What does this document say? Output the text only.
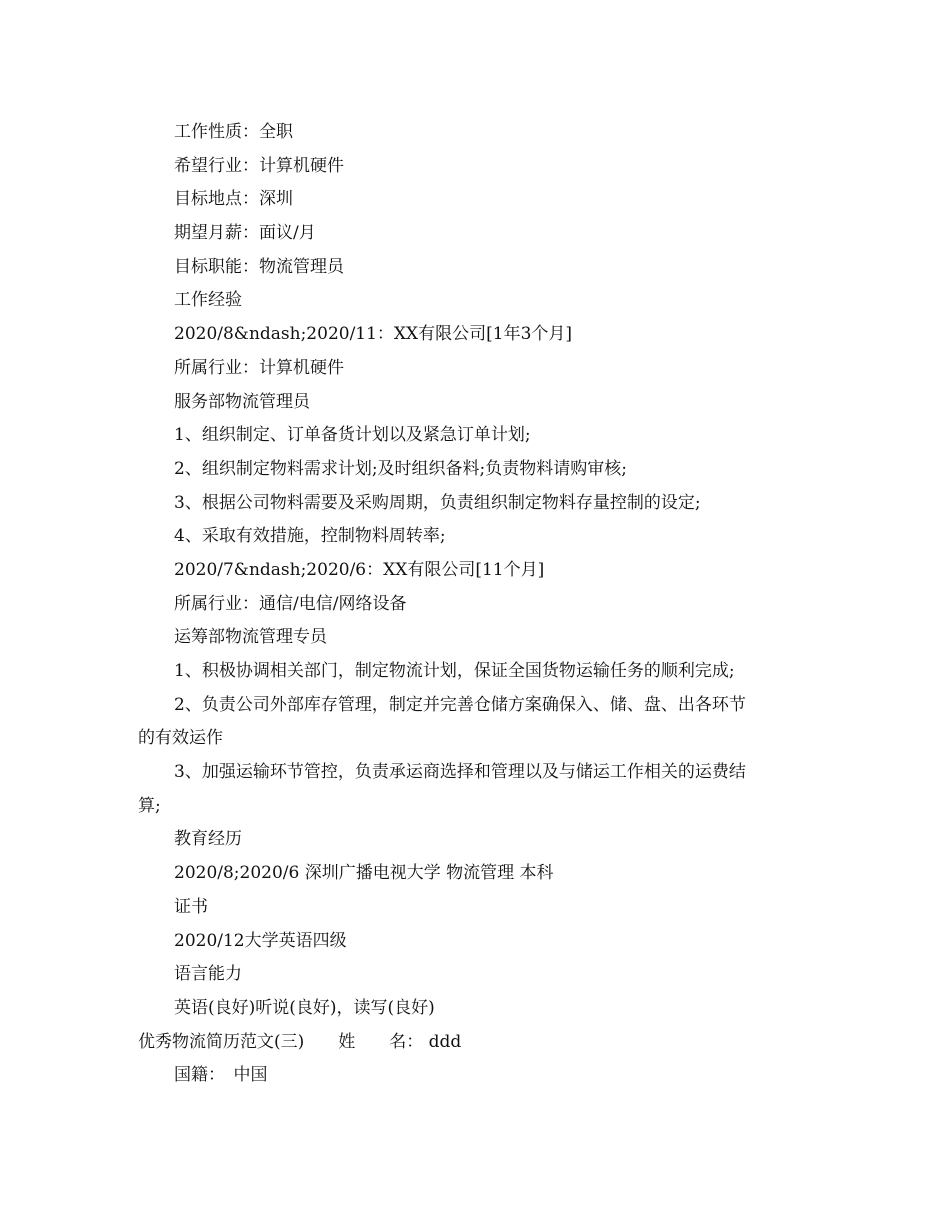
工作性质：全职

希望行业：计算机硬件

目标地点：深圳

期望月薪：面议/月

目标职能：物流管理员

工作经验

2020/8&ndash;2020/11：XX有限公司[1年3个月]

所属行业：计算机硬件

服务部物流管理员

1、组织制定、订单备货计划以及紧急订单计划;

2、组织制定物料需求计划;及时组织备料;负责物料请购审核;

3、根据公司物料需要及采购周期，负责组织制定物料存量控制的设定;

4、采取有效措施，控制物料周转率;

2020/7&ndash;2020/6：XX有限公司[11个月]

所属行业：通信/电信/网络设备

运筹部物流管理专员

1、积极协调相关部门，制定物流计划，保证全国货物运输任务的顺利完成;

2、负责公司外部库存管理，制定并完善仓储方案确保入、储、盘、出各环节

的有效运作

3、加强运输环节管控，负责承运商选择和管理以及与储运工作相关的运费结

算;

教育经历

2020/8;2020/6 深圳广播电视大学 物流管理 本科

证书

2020/12大学英语四级

语言能力

英语(良好)听说(良好)，读写(良好)

优秀物流简历范文(三)　　姓　　名： ddd

国籍：　中国
